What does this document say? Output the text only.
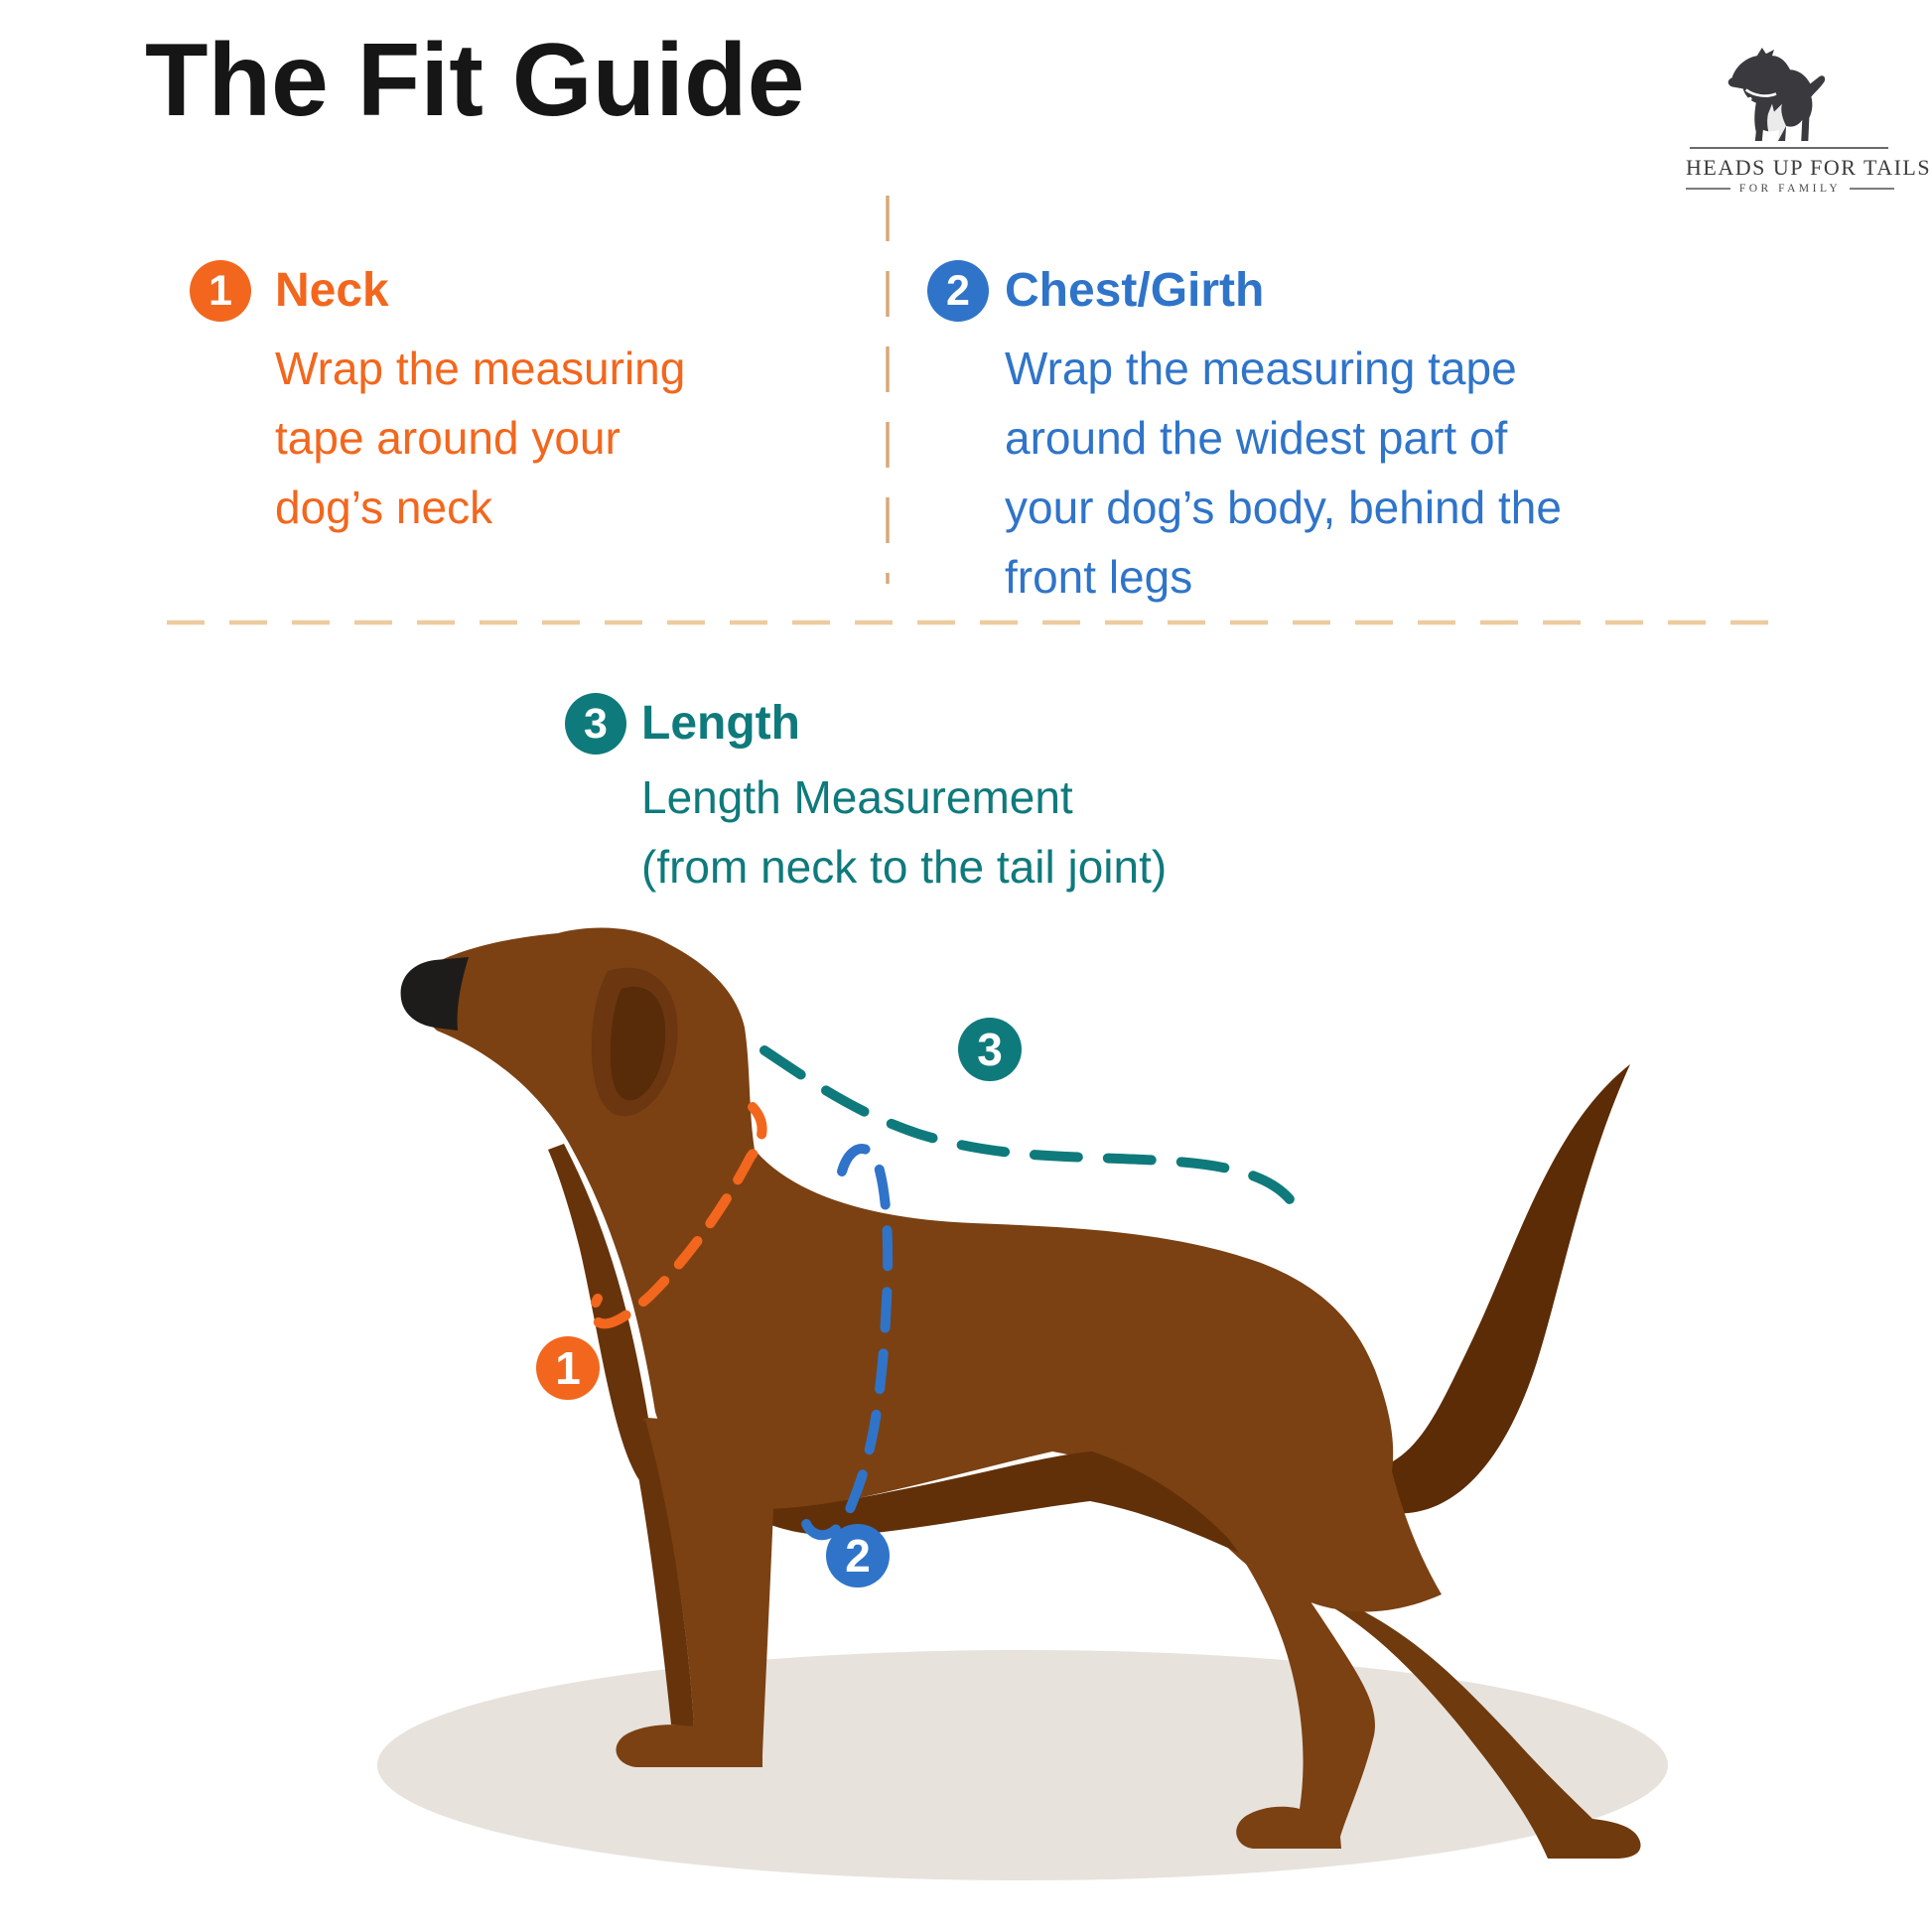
The Fit Guide
HEADS UP FOR TAILS
FOR FAMILY
1 Neck
Wrap the measuring
tape around your
dog’s neck
2 Chest/Girth
Wrap the measuring tape
around the widest part of
your dog’s body, behind the
front legs
3 Length
Length Measurement
(from neck to the tail joint)
1
2
3
